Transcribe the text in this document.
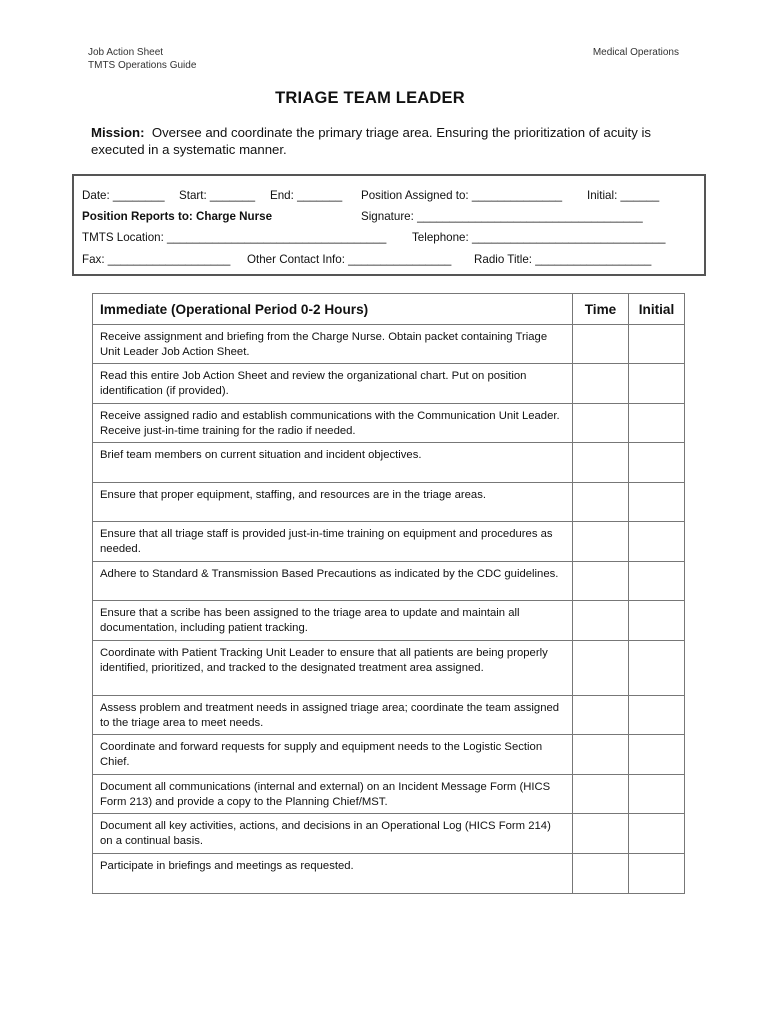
Job Action Sheet
TMTS Operations Guide
Medical Operations
TRIAGE TEAM LEADER
Mission: Oversee and coordinate the primary triage area. Ensuring the prioritization of acuity is executed in a systematic manner.
Date: ________ Start: _______ End: _______ Position Assigned to: ______________ Initial: ______
Position Reports to: Charge Nurse	Signature: ___________________________________
TMTS Location: __________________________________ Telephone: ______________________________
Fax: ___________________ Other Contact Info: ________________ Radio Title: __________________
Immediate (Operational Period 0-2 Hours)	Time	Initial
Receive assignment and briefing from the Charge Nurse. Obtain packet containing Triage Unit Leader Job Action Sheet.		
Read this entire Job Action Sheet and review the organizational chart. Put on position identification (if provided).		
Receive assigned radio and establish communications with the Communication Unit Leader. Receive just-in-time training for the radio if needed.		
Brief team members on current situation and incident objectives.		
Ensure that proper equipment, staffing, and resources are in the triage areas.		
Ensure that all triage staff is provided just-in-time training on equipment and procedures as needed.		
Adhere to Standard & Transmission Based Precautions as indicated by the CDC guidelines.		
Ensure that a scribe has been assigned to the triage area to update and maintain all documentation, including patient tracking.		
Coordinate with Patient Tracking Unit Leader to ensure that all patients are being properly identified, prioritized, and tracked to the designated treatment area assigned.		
Assess problem and treatment needs in assigned triage area; coordinate the team assigned to the triage area to meet needs.		
Coordinate and forward requests for supply and equipment needs to the Logistic Section Chief.		
Document all communications (internal and external) on an Incident Message Form (HICS Form 213) and provide a copy to the Planning Chief/MST.		
Document all key activities, actions, and decisions in an Operational Log (HICS Form 214) on a continual basis.		
Participate in briefings and meetings as requested.		
